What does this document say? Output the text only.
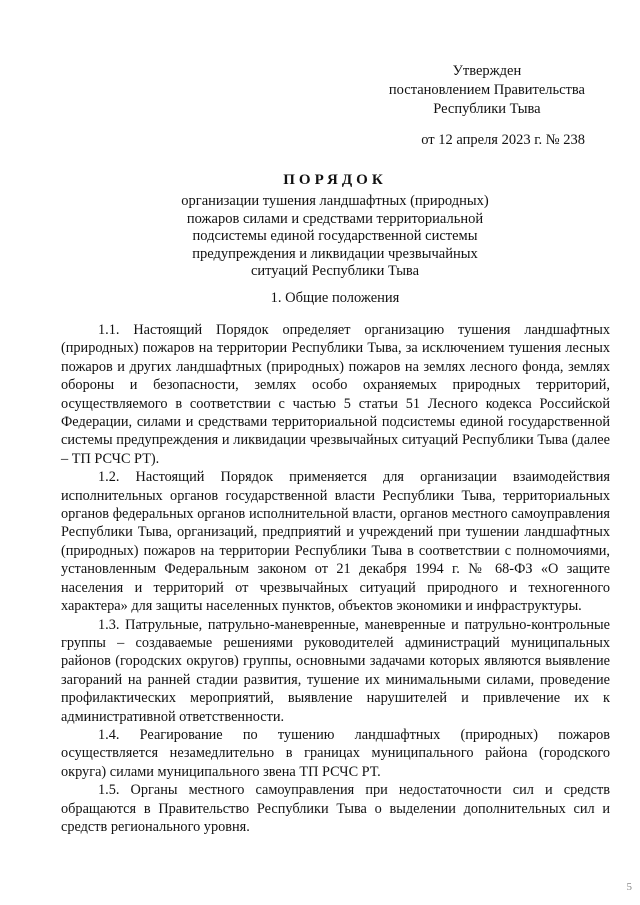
Утвержден
постановлением Правительства
Республики Тыва
от 12 апреля 2023 г. № 238
ПОРЯДОК
организации тушения ландшафтных (природных)
пожаров силами и средствами территориальной
подсистемы единой государственной системы
предупреждения и ликвидации чрезвычайных
ситуаций Республики Тыва
1. Общие положения

1.1. Настоящий Порядок определяет организацию тушения ландшафтных (природных) пожаров на территории Республики Тыва, за исключением тушения лесных пожаров и других ландшафтных (природных) пожаров на землях лесного фонда, землях обороны и безопасности, землях особо охраняемых природных территорий, осуществляемого в соответствии с частью 5 статьи 51 Лесного кодекса Российской Федерации, силами и средствами территориальной подсистемы единой государственной системы предупреждения и ликвидации чрезвычайных ситуаций Республики Тыва (далее – ТП РСЧС РТ).

1.2. Настоящий Порядок применяется для организации взаимодействия исполнительных органов государственной власти Республики Тыва, территориальных органов федеральных органов исполнительной власти, органов местного самоуправления Республики Тыва, организаций, предприятий и учреждений при тушении ландшафтных (природных) пожаров на территории Республики Тыва в соответствии с полномочиями, установленным Федеральным законом от 21 декабря 1994 г. № 68-ФЗ «О защите населения и территорий от чрезвычайных ситуаций природного и техногенного характера» для защиты населенных пунктов, объектов экономики и инфраструктуры.

1.3. Патрульные, патрульно-маневренные, маневренные и патрульно-контрольные группы – создаваемые решениями руководителей администраций муниципальных районов (городских округов) группы, основными задачами которых являются выявление загораний на ранней стадии развития, тушение их минимальными силами, проведение профилактических мероприятий, выявление нарушителей и привлечение их к административной ответственности.

1.4. Реагирование по тушению ландшафтных (природных) пожаров осуществляется незамедлительно в границах муниципального района (городского округа) силами муниципального звена ТП РСЧС РТ.

1.5. Органы местного самоуправления при недостаточности сил и средств обращаются в Правительство Республики Тыва о выделении дополнительных сил и средств регионального уровня.

5
